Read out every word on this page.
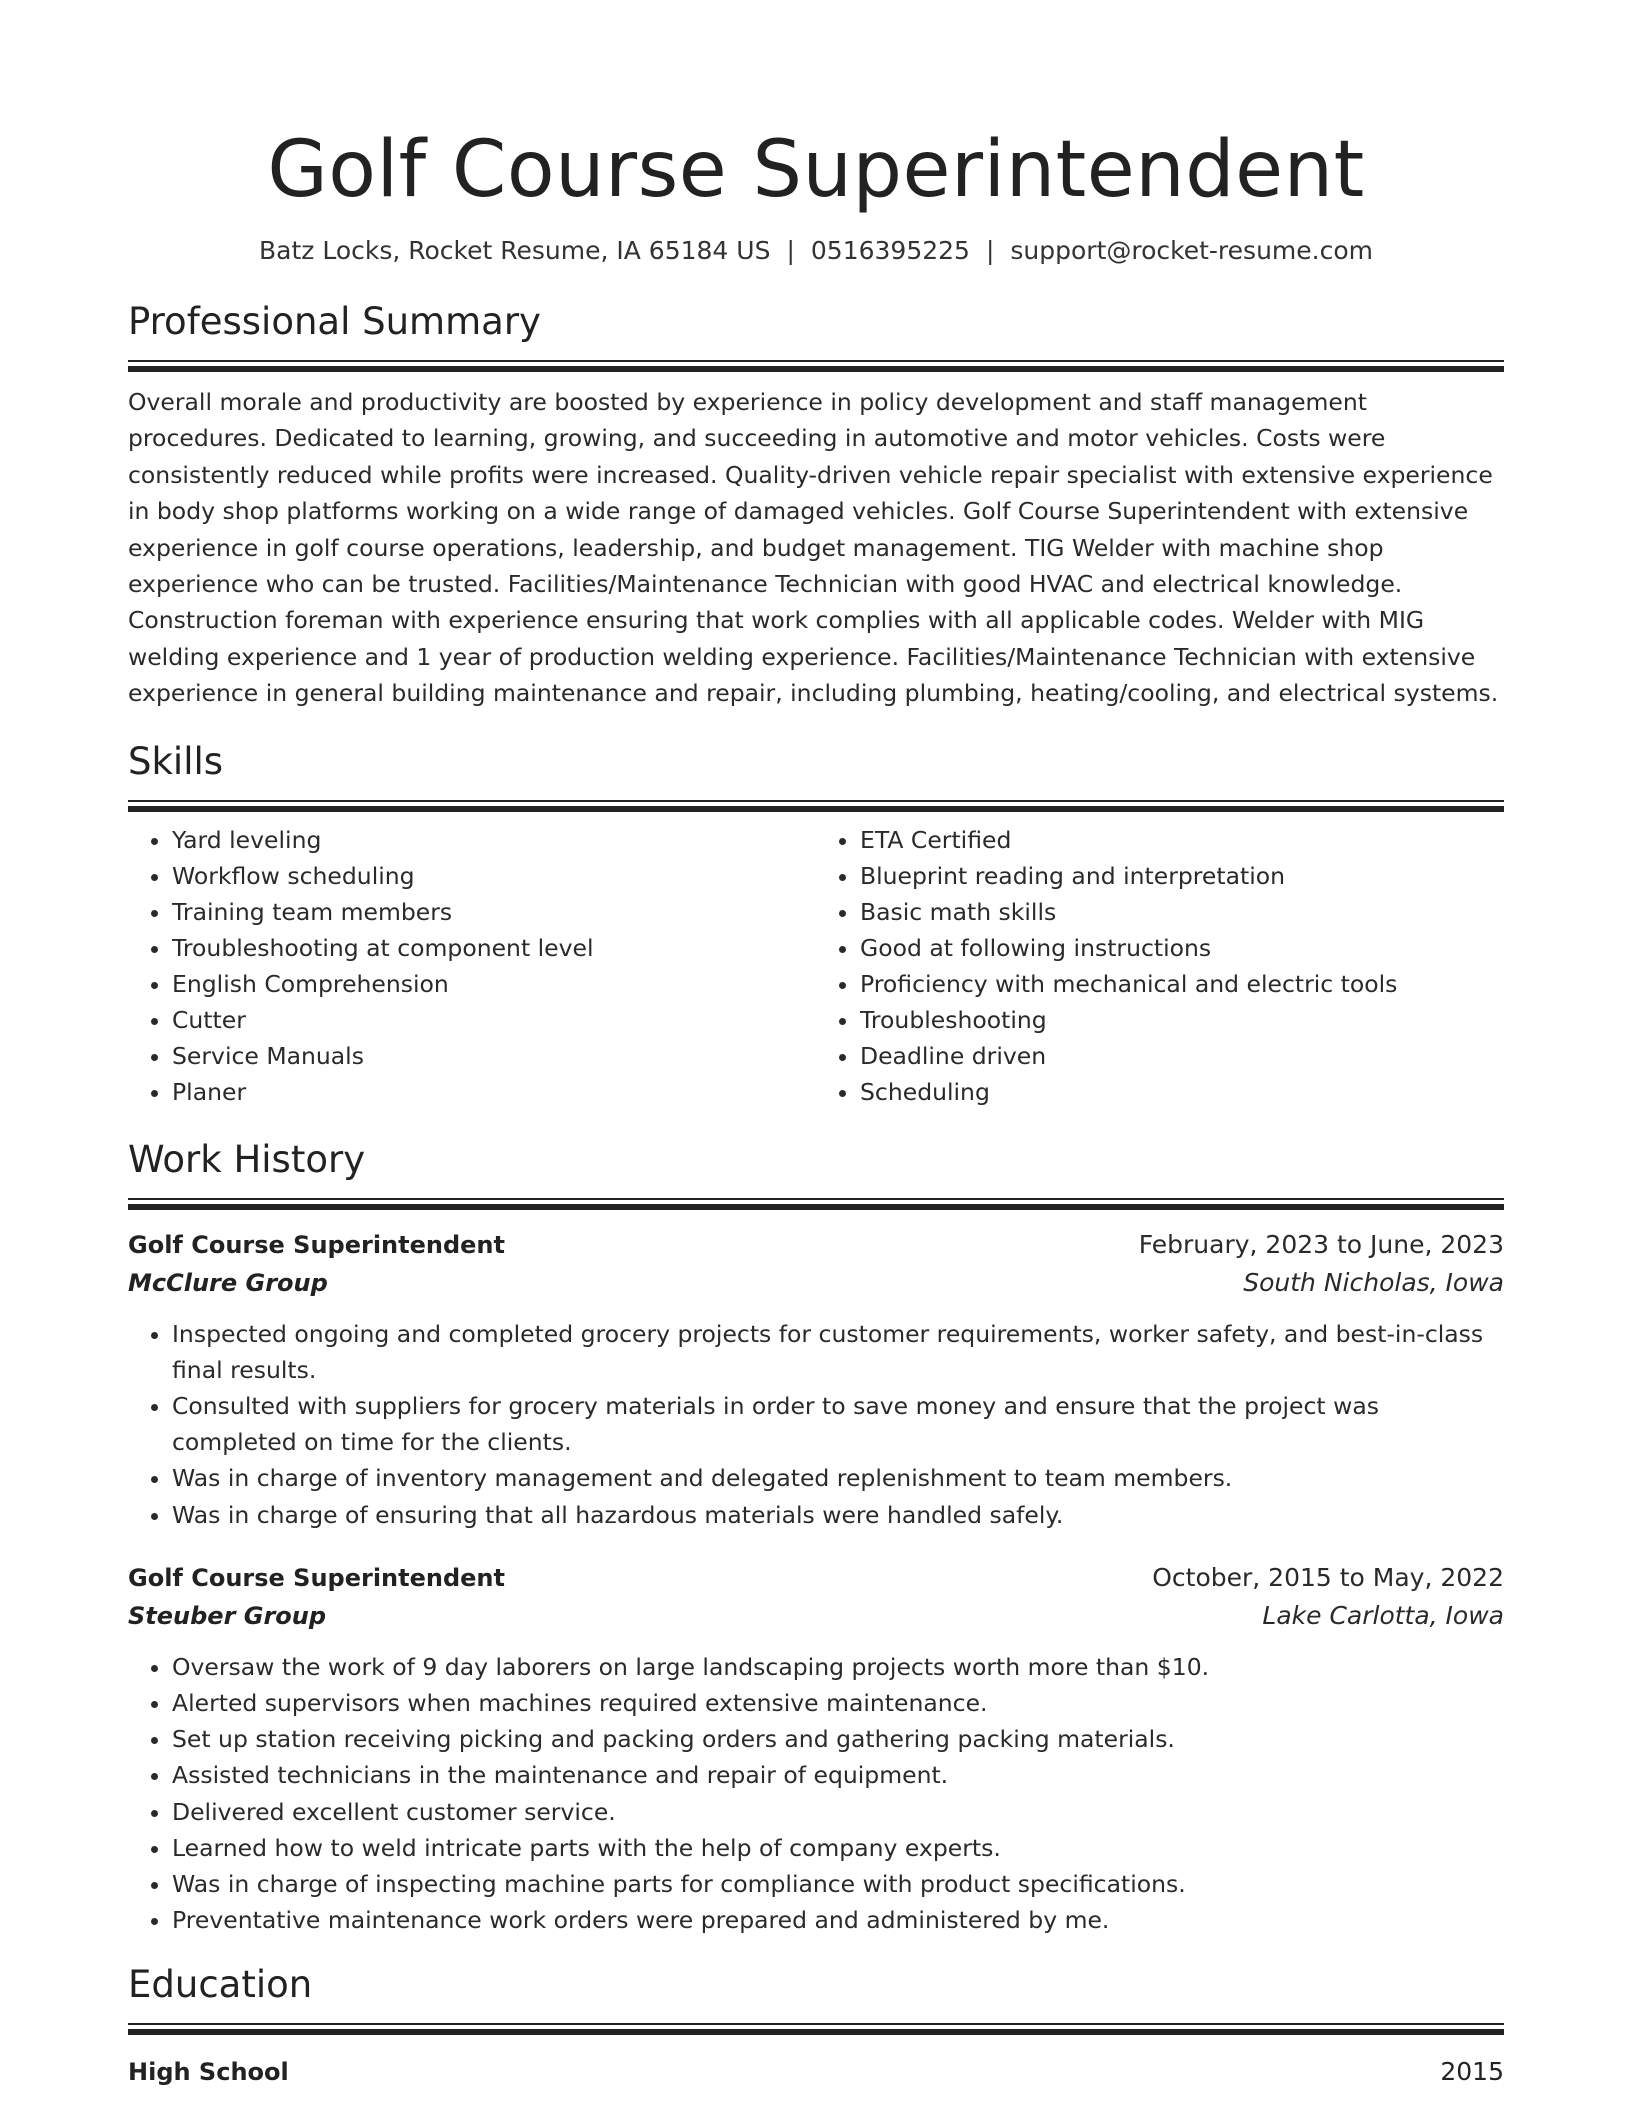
Golf Course Superintendent
Batz Locks, Rocket Resume, IA 65184 US | 0516395225 | support@rocket-resume.com
Professional Summary
Overall morale and productivity are boosted by experience in policy development and staff management procedures. Dedicated to learning, growing, and succeeding in automotive and motor vehicles. Costs were consistently reduced while profits were increased. Quality-driven vehicle repair specialist with extensive experience in body shop platforms working on a wide range of damaged vehicles. Golf Course Superintendent with extensive experience in golf course operations, leadership, and budget management. TIG Welder with machine shop experience who can be trusted. Facilities/Maintenance Technician with good HVAC and electrical knowledge. Construction foreman with experience ensuring that work complies with all applicable codes. Welder with MIG welding experience and 1 year of production welding experience. Facilities/Maintenance Technician with extensive experience in general building maintenance and repair, including plumbing, heating/cooling, and electrical systems.
Skills
• Yard leveling
• Workflow scheduling
• Training team members
• Troubleshooting at component level
• English Comprehension
• Cutter
• Service Manuals
• Planer
• ETA Certified
• Blueprint reading and interpretation
• Basic math skills
• Good at following instructions
• Proficiency with mechanical and electric tools
• Troubleshooting
• Deadline driven
• Scheduling
Work History
Golf Course Superintendent	February, 2023 to June, 2023
McClure Group	South Nicholas, Iowa
• Inspected ongoing and completed grocery projects for customer requirements, worker safety, and best-in-class final results.
• Consulted with suppliers for grocery materials in order to save money and ensure that the project was completed on time for the clients.
• Was in charge of inventory management and delegated replenishment to team members.
• Was in charge of ensuring that all hazardous materials were handled safely.
Golf Course Superintendent	October, 2015 to May, 2022
Steuber Group	Lake Carlotta, Iowa
• Oversaw the work of 9 day laborers on large landscaping projects worth more than $10.
• Alerted supervisors when machines required extensive maintenance.
• Set up station receiving picking and packing orders and gathering packing materials.
• Assisted technicians in the maintenance and repair of equipment.
• Delivered excellent customer service.
• Learned how to weld intricate parts with the help of company experts.
• Was in charge of inspecting machine parts for compliance with product specifications.
• Preventative maintenance work orders were prepared and administered by me.
Education
High School	2015
